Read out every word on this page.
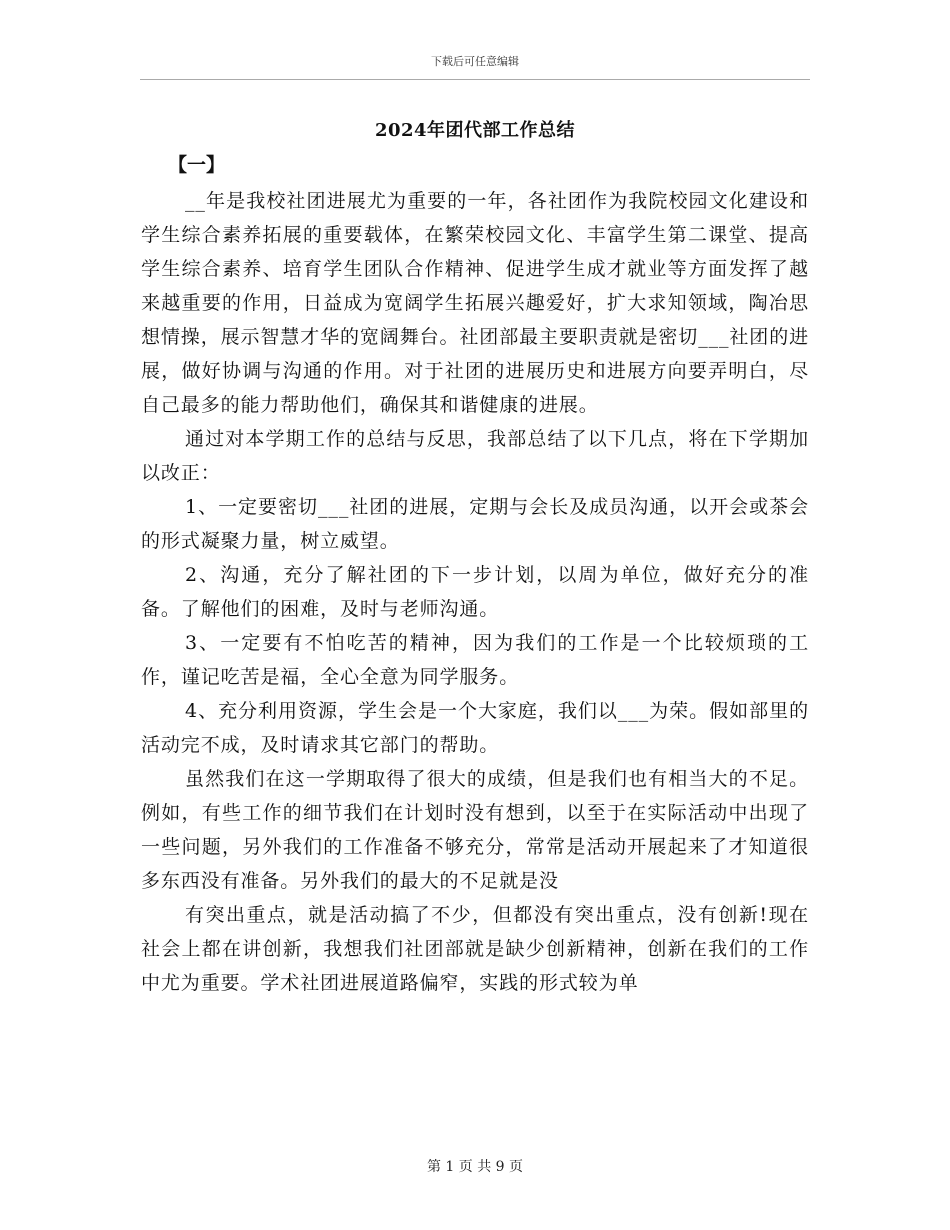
下载后可任意编辑
2024年团代部工作总结
【一】

__年是我校社团进展尤为重要的一年，各社团作为我院校园文化建设和学生综合素养拓展的重要载体，在繁荣校园文化、丰富学生第二课堂、提高学生综合素养、培育学生团队合作精神、促进学生成才就业等方面发挥了越来越重要的作用，日益成为宽阔学生拓展兴趣爱好，扩大求知领域，陶冶思想情操，展示智慧才华的宽阔舞台。社团部最主要职责就是密切___社团的进展，做好协调与沟通的作用。对于社团的进展历史和进展方向要弄明白，尽自己最多的能力帮助他们，确保其和谐健康的进展。

通过对本学期工作的总结与反思，我部总结了以下几点，将在下学期加以改正：

1、一定要密切___社团的进展，定期与会长及成员沟通，以开会或茶会的形式凝聚力量，树立威望。

2、沟通，充分了解社团的下一步计划，以周为单位，做好充分的准备。了解他们的困难，及时与老师沟通。

3、一定要有不怕吃苦的精神，因为我们的工作是一个比较烦琐的工作，谨记吃苦是福，全心全意为同学服务。

4、充分利用资源，学生会是一个大家庭，我们以___为荣。假如部里的活动完不成，及时请求其它部门的帮助。

虽然我们在这一学期取得了很大的成绩，但是我们也有相当大的不足。例如，有些工作的细节我们在计划时没有想到，以至于在实际活动中出现了一些问题，另外我们的工作准备不够充分，常常是活动开展起来了才知道很多东西没有准备。另外我们的最大的不足就是没

有突出重点，就是活动搞了不少，但都没有突出重点，没有创新!现在社会上都在讲创新，我想我们社团部就是缺少创新精神，创新在我们的工作中尤为重要。学术社团进展道路偏窄，实践的形式较为单

第 1 页 共 9 页
